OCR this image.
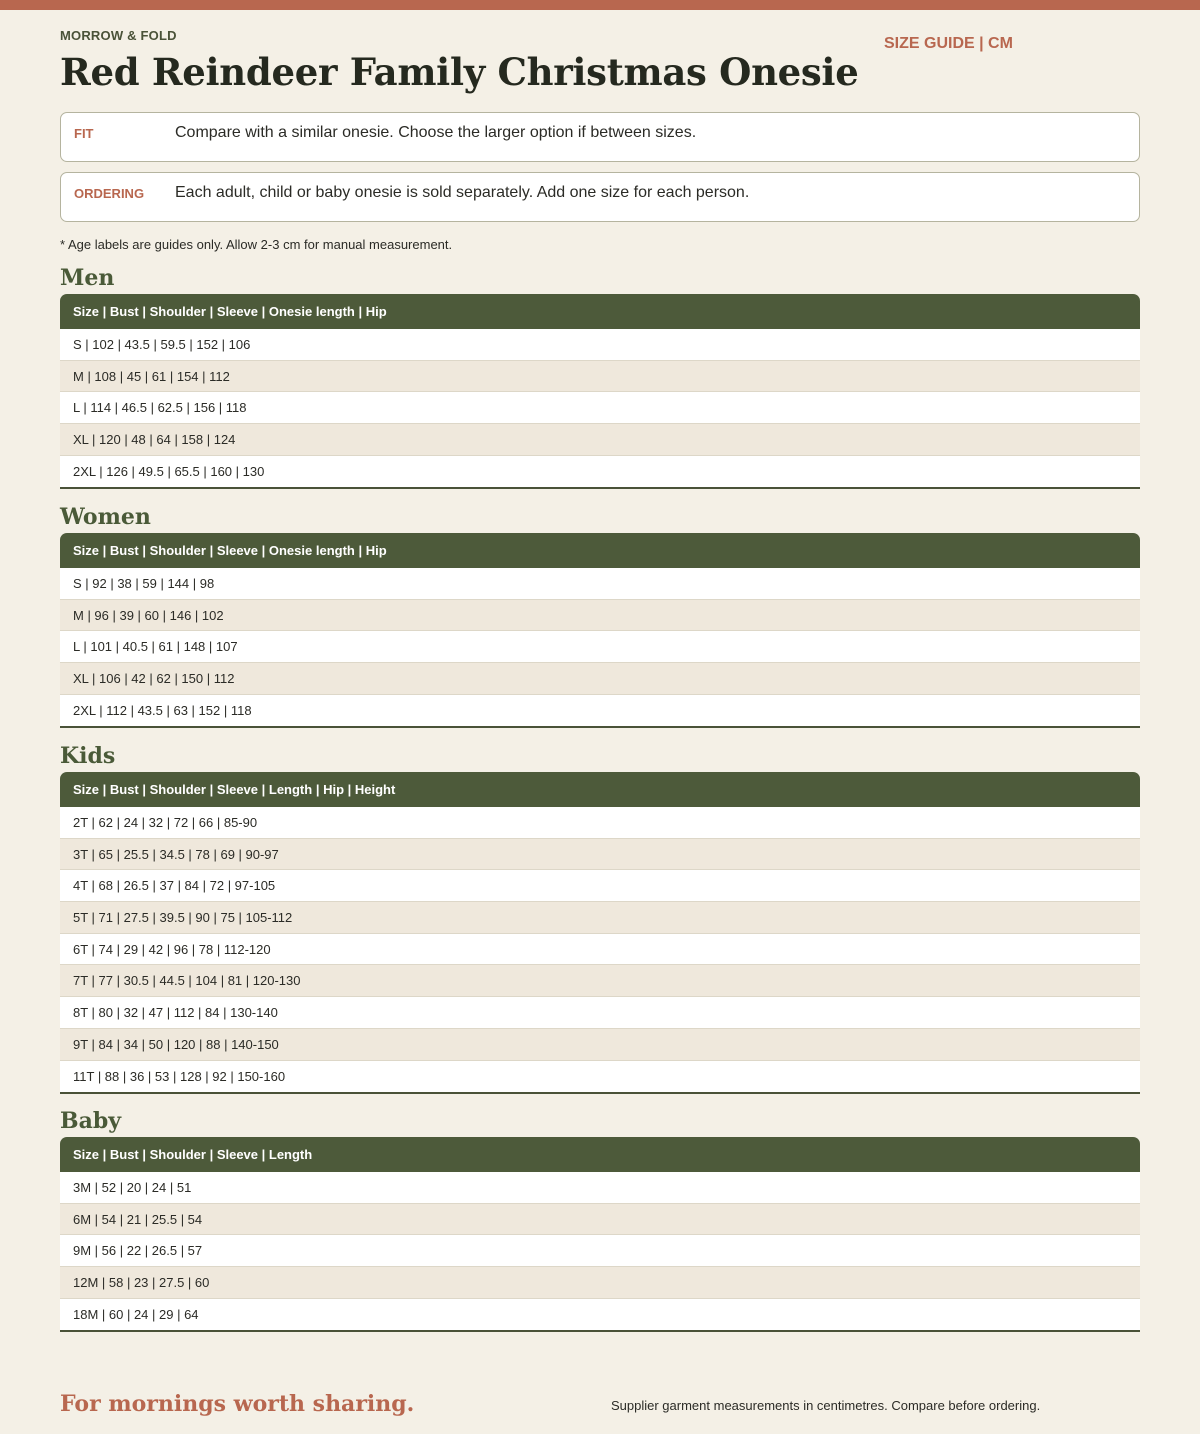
MORROW & FOLD	SIZE GUIDE | CM
Red Reindeer Family Christmas Onesie
FIT	Compare with a similar onesie. Choose the larger option if between sizes.
ORDERING Each adult, child or baby onesie is sold separately. Add one size for each person.
* Age labels are guides only. Allow 2-3 cm for manual measurement.
Men
Size | Bust | Shoulder | Sleeve | Onesie length | Hip
S | 102 | 43.5 | 59.5 | 152 | 106
M | 108 | 45 | 61 | 154 | 112
L | 114 | 46.5 | 62.5 | 156 | 118
XL | 120 | 48 | 64 | 158 | 124
2XL | 126 | 49.5 | 65.5 | 160 | 130
Women
Size | Bust | Shoulder | Sleeve | Onesie length | Hip
S | 92 | 38 | 59 | 144 | 98
M | 96 | 39 | 60 | 146 | 102
L | 101 | 40.5 | 61 | 148 | 107
XL | 106 | 42 | 62 | 150 | 112
2XL | 112 | 43.5 | 63 | 152 | 118
Kids
Size | Bust | Shoulder | Sleeve | Length | Hip | Height
2T | 62 | 24 | 32 | 72 | 66 | 85-90
3T | 65 | 25.5 | 34.5 | 78 | 69 | 90-97
4T | 68 | 26.5 | 37 | 84 | 72 | 97-105
5T | 71 | 27.5 | 39.5 | 90 | 75 | 105-112
6T | 74 | 29 | 42 | 96 | 78 | 112-120
7T | 77 | 30.5 | 44.5 | 104 | 81 | 120-130
8T | 80 | 32 | 47 | 112 | 84 | 130-140
9T | 84 | 34 | 50 | 120 | 88 | 140-150
11T | 88 | 36 | 53 | 128 | 92 | 150-160
Baby
Size | Bust | Shoulder | Sleeve | Length
3M | 52 | 20 | 24 | 51
6M | 54 | 21 | 25.5 | 54
9M | 56 | 22 | 26.5 | 57
12M | 58 | 23 | 27.5 | 60
18M | 60 | 24 | 29 | 64
For mornings worth sharing.	Supplier garment measurements in centimetres. Compare before ordering.
